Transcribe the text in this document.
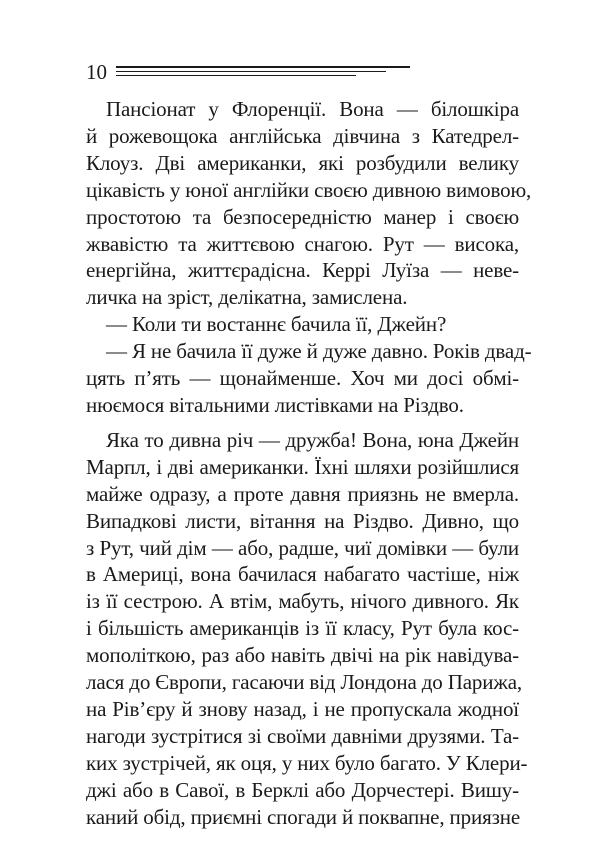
10
Пансіонат у Флоренції. Вона — білошкіра
й рожевощока англійська дівчина з Катедрел-
Клоуз. Дві американки, які розбудили велику
цікавість у юної англійки своєю дивною вимовою,
простотою та безпосередністю манер і своєю
жвавістю та життєвою снагою. Рут — висока,
енергійна, життєрадісна. Керрі Луїза — неве-
личка на зріст, делікатна, замислена.
— Коли ти востаннє бачила її, Джейн?
— Я не бачила її дуже й дуже давно. Років двад-
цять п’ять — щонайменше. Хоч ми досі обмі-
нюємося вітальними листівками на Різдво.
Яка то дивна річ — дружба! Вона, юна Джейн
Марпл, і дві американки. Їхні шляхи розійшлися
майже одразу, а проте давня приязнь не вмерла.
Випадкові листи, вітання на Різдво. Дивно, що
з Рут, чий дім — або, радше, чиї домівки — були
в Америці, вона бачилася набагато частіше, ніж
із її сестрою. А втім, мабуть, нічого дивного. Як
і більшість американців із її класу, Рут була кос-
мополіткою, раз або навіть двічі на рік навідува-
лася до Європи, гасаючи від Лондона до Парижа,
на Рів’єру й знову назад, і не пропускала жодної
нагоди зустрітися зі своїми давніми друзями. Та-
ких зустрічей, як оця, у них було багато. У Клери-
джі або в Савої, в Берклі або Дорчестері. Вишу-
каний обід, приємні спогади й поквапне, приязне
